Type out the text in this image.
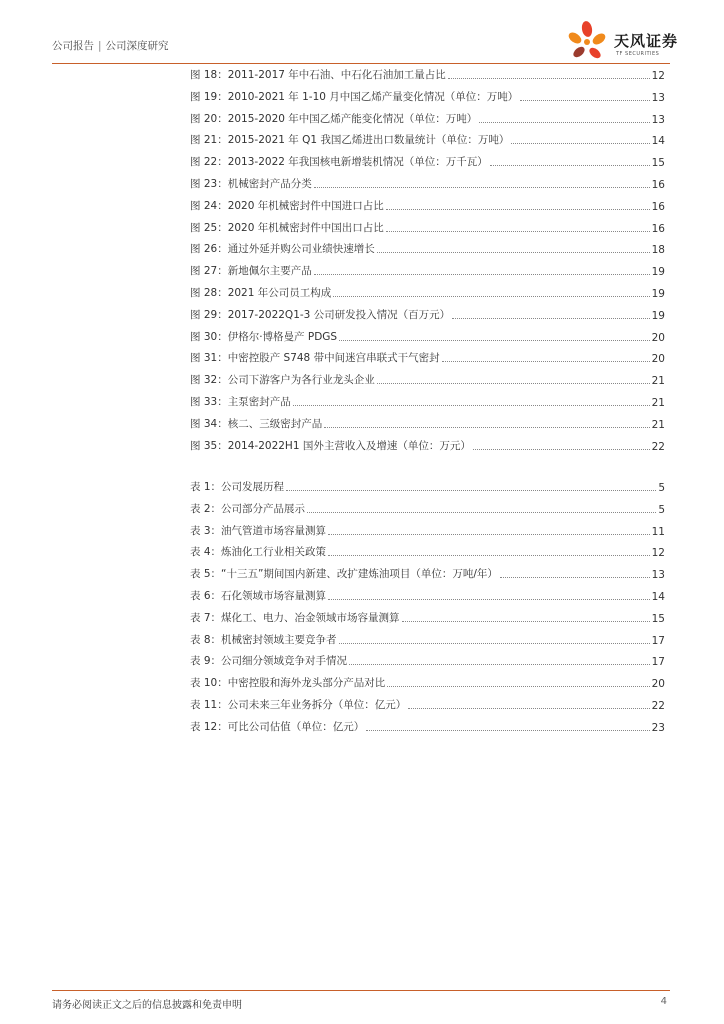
公司报告 | 公司深度研究	天风证券
TF SECURITIES
图 18：2011-2017 年中石油、中石化石油加工量占比	12
图 19：2010-2021 年 1-10 月中国乙烯产量变化情况（单位：万吨）	13
图 20：2015-2020 年中国乙烯产能变化情况（单位：万吨）	13
图 21：2015-2021 年 Q1 我国乙烯进出口数量统计（单位：万吨）	14
图 22：2013-2022 年我国核电新增装机情况（单位：万千瓦）	15
图 23：机械密封产品分类	16
图 24：2020 年机械密封件中国进口占比	16
图 25：2020 年机械密封件中国出口占比	16
图 26：通过外延并购公司业绩快速增长	18
图 27：新地佩尔主要产品	19
图 28：2021 年公司员工构成	19
图 29：2017-2022Q1-3 公司研发投入情况（百万元）	19
图 30：伊格尔·博格曼产 PDGS	20
图 31：中密控股产 S748 带中间迷宫串联式干气密封	20
图 32：公司下游客户为各行业龙头企业	21
图 33：主泵密封产品	21
图 34：核二、三级密封产品	21
图 35：2014-2022H1 国外主营收入及增速（单位：万元）	22
表 1：公司发展历程	5
表 2：公司部分产品展示	5
表 3：油气管道市场容量测算	11
表 4：炼油化工行业相关政策	12
表 5：“十三五”期间国内新建、改扩建炼油项目（单位：万吨/年）	13
表 6：石化领域市场容量测算	14
表 7：煤化工、电力、冶金领域市场容量测算	15
表 8：机械密封领域主要竞争者	17
表 9：公司细分领域竞争对手情况	17
表 10：中密控股和海外龙头部分产品对比	20
表 11：公司未来三年业务拆分（单位：亿元）	22
表 12：可比公司估值（单位：亿元）	23
请务必阅读正文之后的信息披露和免责申明	4
